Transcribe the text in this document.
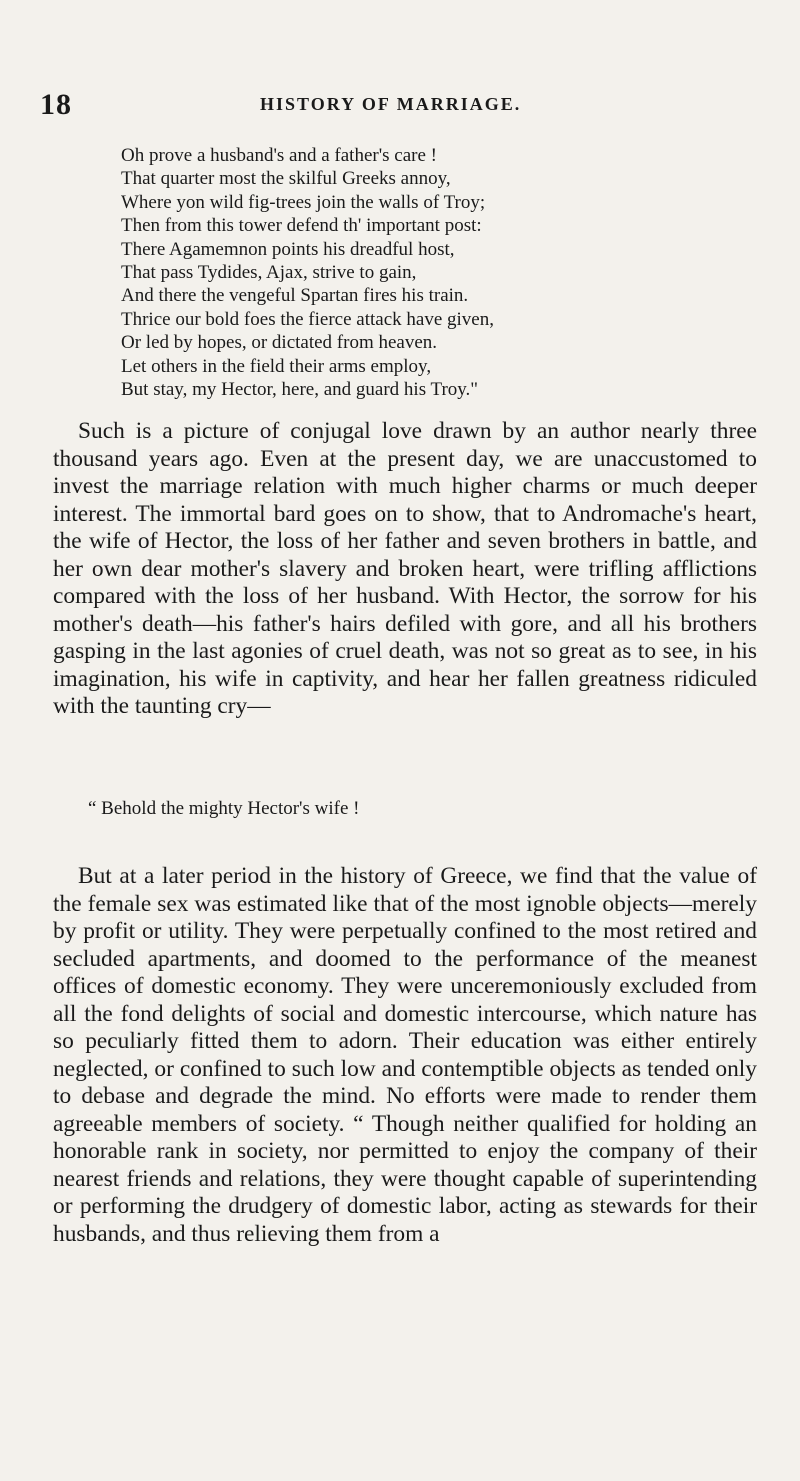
18	HISTORY OF MARRIAGE.
Oh prove a husband's and a father's care !
That quarter most the skilful Greeks annoy,
Where yon wild fig-trees join the walls of Troy;
Then from this tower defend th' important post:
There Agamemnon points his dreadful host,
That pass Tydides, Ajax, strive to gain,
And there the vengeful Spartan fires his train.
Thrice our bold foes the fierce attack have given,
Or led by hopes, or dictated from heaven.
Let others in the field their arms employ,
But stay, my Hector, here, and guard his Troy."

Such is a picture of conjugal love drawn by an author nearly three thousand years ago. Even at the present day, we are unaccustomed to invest the marriage relation with much higher charms or much deeper interest. The immortal bard goes on to show, that to Andromache's heart, the wife of Hector, the loss of her father and seven brothers in battle, and her own dear mother's slavery and broken heart, were trifling afflictions compared with the loss of her husband. With Hector, the sorrow for his mother's death—his father's hairs defiled with gore, and all his brothers gasping in the last agonies of cruel death, was not so great as to see, in his imagination, his wife in captivity, and hear her fallen greatness ridiculed with the taunting cry—

“ Behold the mighty Hector's wife !

But at a later period in the history of Greece, we find that the value of the female sex was estimated like that of the most ignoble objects—merely by profit or utility. They were perpetually confined to the most retired and secluded apartments, and doomed to the performance of the meanest offices of domestic economy. They were unceremoniously excluded from all the fond delights of social and domestic intercourse, which nature has so peculiarly fitted them to adorn. Their education was either entirely neglected, or confined to such low and contemptible objects as tended only to debase and degrade the mind. No efforts were made to render them agreeable members of society. “ Though neither qualified for holding an honorable rank in society, nor permitted to enjoy the company of their nearest friends and relations, they were thought capable of superintending or performing the drudgery of domestic labor, acting as stewards for their husbands, and thus relieving them from a
